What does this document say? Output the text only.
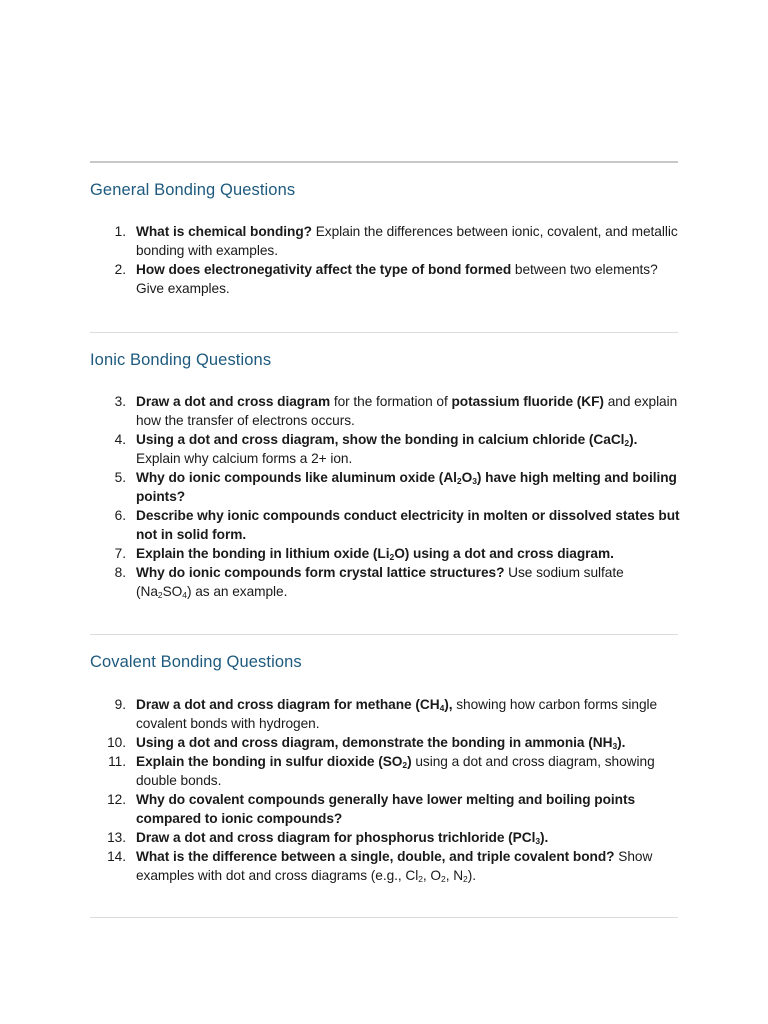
General Bonding Questions
1. What is chemical bonding? Explain the differences between ionic, covalent, and metallic bonding with examples.
2. How does electronegativity affect the type of bond formed between two elements? Give examples.
Ionic Bonding Questions
3. Draw a dot and cross diagram for the formation of potassium fluoride (KF) and explain how the transfer of electrons occurs.
4. Using a dot and cross diagram, show the bonding in calcium chloride (CaCl$_2$). Explain why calcium forms a 2+ ion.
5. Why do ionic compounds like aluminum oxide $(Al_2O_3)$ have high melting and boiling points?
6. Describe why ionic compounds conduct electricity in molten or dissolved states but not in solid form.
7. Explain the bonding in lithium oxide $(Li_2O)$ using a dot and cross diagram.
8. Why do ionic compounds form crystal lattice structures? Use sodium sulfate $(Na_2SO_4)$ as an example.
Covalent Bonding Questions
9. Draw a dot and cross diagram for methane $(CH_4)$, showing how carbon forms single covalent bonds with hydrogen.
10. Using a dot and cross diagram, demonstrate the bonding in ammonia $(NH_3)$.
11. Explain the bonding in sulfur dioxide $(SO_2)$ using a dot and cross diagram, showing double bonds.
12. Why do covalent compounds generally have lower melting and boiling points compared to ionic compounds?
13. Draw a dot and cross diagram for phosphorus trichloride (PCl$_3$).
14. What is the difference between a single, double, and triple covalent bond? Show examples with dot and cross diagrams (e.g., $Cl_2$, $O_2$, $N_2$).
